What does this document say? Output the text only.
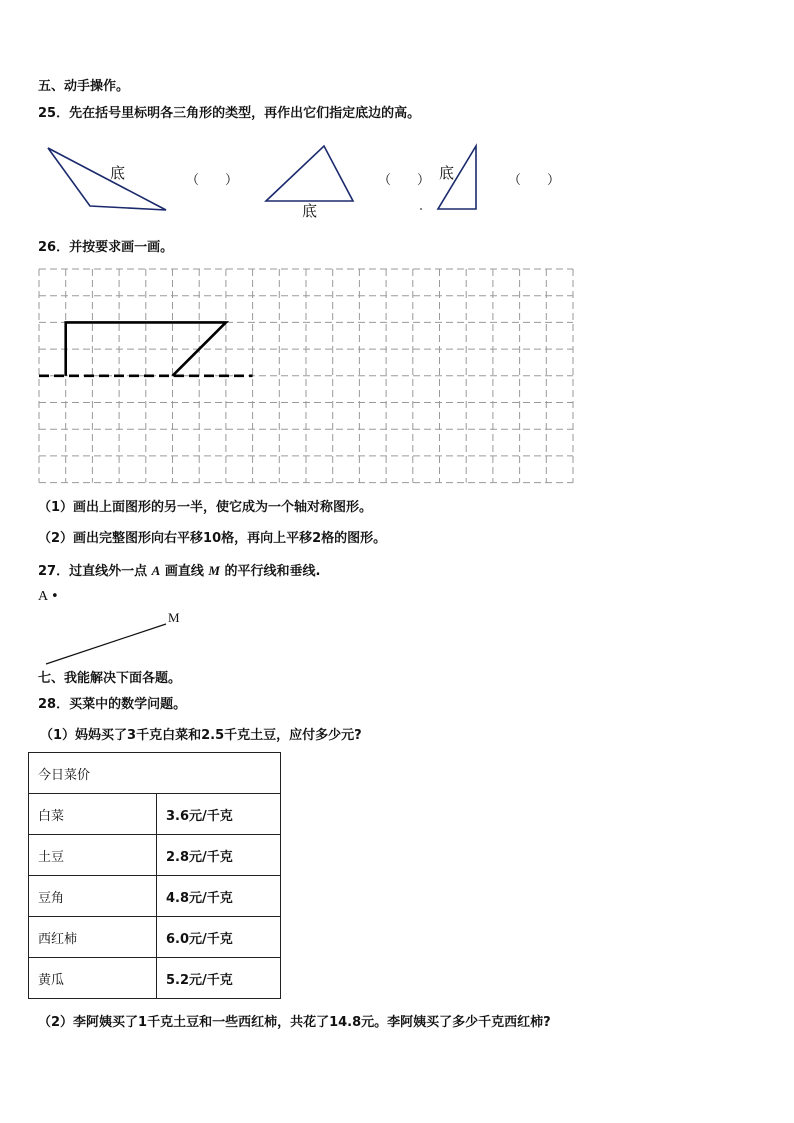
五、动手操作。
25．先在括号里标明各三角形的类型，再作出它们指定底边的高。
底	（　　）
底
（　　） 底	（　　）
26．并按要求画一画。
（1）画出上面图形的另一半，使它成为一个轴对称图形。
（2）画出完整图形向右平移10格，再向上平移2格的图形。
27．过直线外一点 A 画直线 M 的平行线和垂线.
A •
M
七、我能解决下面各题。
28．买菜中的数学问题。
（1）妈妈买了3千克白菜和2.5千克土豆，应付多少元?
今日菜价	
白菜	3.6元/千克
土豆	2.8元/千克
豆角	4.8元/千克
西红柿	6.0元/千克
黄瓜	5.2元/千克
（2）李阿姨买了1千克土豆和一些西红柿，共花了14.8元。李阿姨买了多少千克西红柿?
